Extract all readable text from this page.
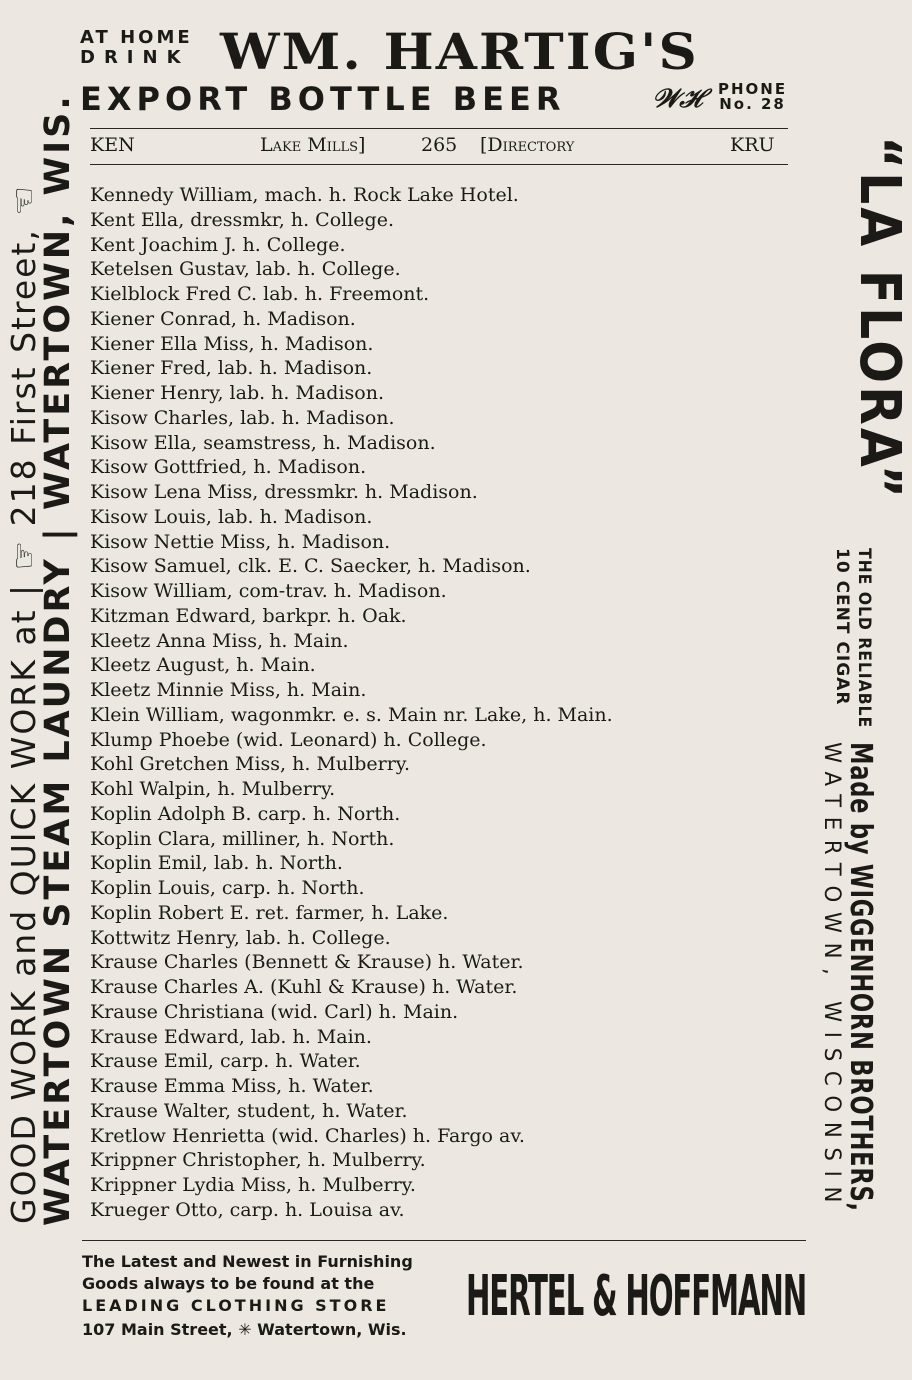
AT HOME
DRINK WM. HARTIG'S
EXPORT BOTTLE BEER	𝒲ℋ PHONE
No. 28
KEN	Lake Mills]	265 [Directory	KRU
Kennedy William, mach. h. Rock Lake Hotel.
Kent Ella, dressmkr, h. College.
Kent Joachim J. h. College.
Ketelsen Gustav, lab. h. College.
Kielblock Fred C. lab. h. Freemont.
Kiener Conrad, h. Madison.
Kiener Ella Miss, h. Madison.
Kiener Fred, lab. h. Madison.
Kiener Henry, lab. h. Madison.
Kisow Charles, lab. h. Madison.
Kisow Ella, seamstress, h. Madison.
Kisow Gottfried, h. Madison.
Kisow Lena Miss, dressmkr. h. Madison.
Kisow Louis, lab. h. Madison.
Kisow Nettie Miss, h. Madison.
Kisow Samuel, clk. E. C. Saecker, h. Madison.
Kisow William, com-trav. h. Madison.
Kitzman Edward, barkpr. h. Oak.
Kleetz Anna Miss, h. Main.
Kleetz August, h. Main.
Kleetz Minnie Miss, h. Main.
Klein William, wagonmkr. e. s. Main nr. Lake, h. Main.
Klump Phoebe (wid. Leonard) h. College.
Kohl Gretchen Miss, h. Mulberry.
Kohl Walpin, h. Mulberry.
Koplin Adolph B. carp. h. North.
Koplin Clara, milliner, h. North.
Koplin Emil, lab. h. North.
Koplin Louis, carp. h. North.
Koplin Robert E. ret. farmer, h. Lake.
Kottwitz Henry, lab. h. College.
Krause Charles (Bennett & Krause) h. Water.
Krause Charles A. (Kuhl & Krause) h. Water.
Krause Christiana (wid. Carl) h. Main.
Krause Edward, lab. h. Main.
Krause Emil, carp. h. Water.
Krause Emma Miss, h. Water.
Krause Walter, student, h. Water.
Kretlow Henrietta (wid. Charles) h. Fargo av.
Krippner Christopher, h. Mulberry.
Krippner Lydia Miss, h. Mulberry.
Krueger Otto, carp. h. Louisa av.
GOOD WORK and QUICK WORK at | ☞ 218 First Street, ☜
WATERTOWN STEAM LAUNDRY | WATERTOWN, WIS.	“LA FLORA”
THE OLD RELIABLE
10 CENT CIGAR
Made by WIGGENHORN BROTHERS,
WATERTOWN, WISCONSIN
The Latest and Newest in Furnishing
Goods always to be found at the
LEADING CLOTHING STORE
107 Main Street, ✳ Watertown, Wis.
HERTEL & HOFFMANN
